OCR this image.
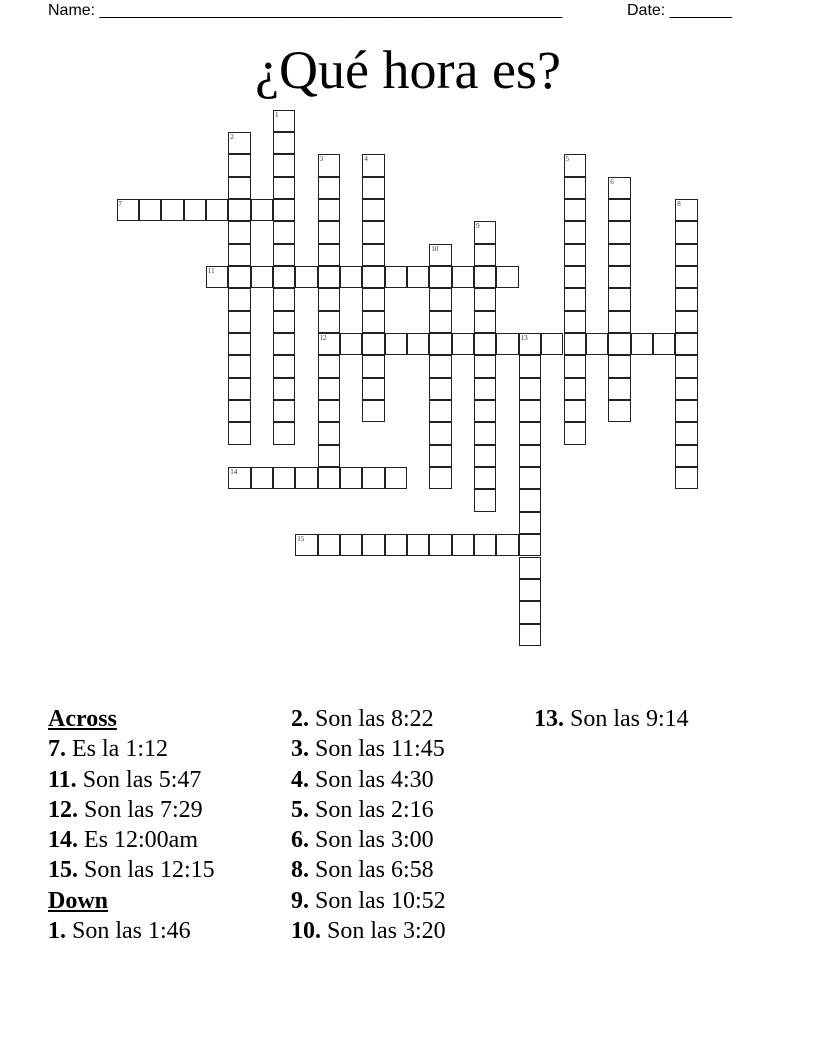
Name: ____________________________________________________	Date: _______
¿Qué hora es?
1
2
3
12
4	5
6
7	8
9
10
11
13
14
15
Across
7. Es la 1:12
11. Son las 5:47
12. Son las 7:29
14. Es 12:00am
15. Son las 12:15
Down
1. Son las 1:46
2. Son las 8:22
3. Son las 11:45
4. Son las 4:30
5. Son las 2:16
6. Son las 3:00
8. Son las 6:58
9. Son las 10:52
10. Son las 3:20
13. Son las 9:14
